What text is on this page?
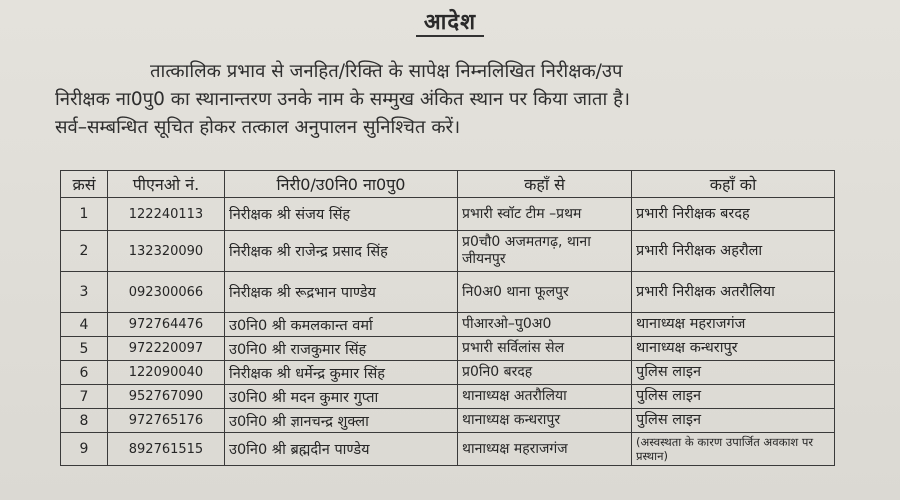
आदेश

तात्कालिक प्रभाव से जनहित/रिक्ति के सापेक्ष निम्नलिखित निरीक्षक/उप

निरीक्षक ना0पु0 का स्थानान्तरण उनके नाम के सम्मुख अंकित स्थान पर किया जाता है।

सर्व–सम्बन्धित सूचित होकर तत्काल अनुपालन सुनिश्चित करें।

क्रसं	पीएनओ नं.	निरी0/उ0नि0 ना0पु0	कहाँ से	कहाँ को
1	122240113	निरीक्षक श्री संजय सिंह	प्रभारी स्वॉट टीम –प्रथम	प्रभारी निरीक्षक बरदह
2	132320090	निरीक्षक श्री राजेन्द्र प्रसाद सिंह	प्र0चौ0 अजमतगढ़, थाना जीयनपुर	प्रभारी निरीक्षक अहरौला
3	092300066	निरीक्षक श्री रूद्रभान पाण्डेय	नि0अ0 थाना फूलपुर	प्रभारी निरीक्षक अतरौलिया
4	972764476	उ0नि0 श्री कमलकान्त वर्मा	पीआरओ–पु0अ0	थानाध्यक्ष महराजगंज
5	972220097	उ0नि0 श्री राजकुमार सिंह	प्रभारी सर्विलांस सेल	थानाध्यक्ष कन्धरापुर
6	122090040	निरीक्षक श्री धर्मेन्द्र कुमार सिंह	प्र0नि0 बरदह	पुलिस लाइन
7	952767090	उ0नि0 श्री मदन कुमार गुप्ता	थानाध्यक्ष अतरौलिया	पुलिस लाइन
8	972765176	उ0नि0 श्री ज्ञानचन्द्र शुक्ला	थानाध्यक्ष कन्धरापुर	पुलिस लाइन
9	892761515	उ0नि0 श्री ब्रह्मदीन पाण्डेय	थानाध्यक्ष महराजगंज	(अस्वस्थता के कारण उपार्जित अवकाश पर प्रस्थान)
